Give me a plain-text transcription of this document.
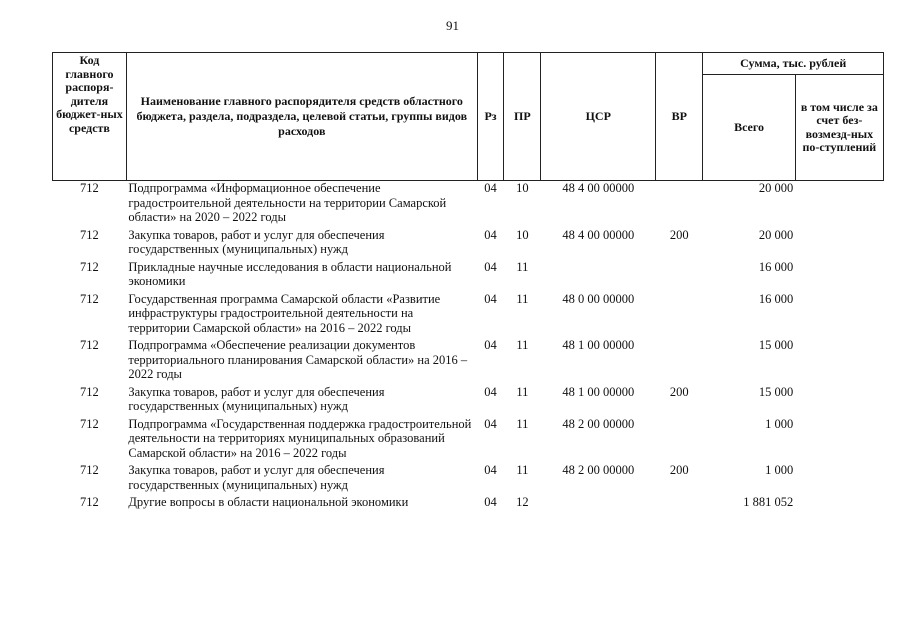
91
Код главного распоря-дителя бюджет-ных средств	Наименование главного распорядителя средств областного бюджета, раздела, подраздела, целевой статьи, группы видов расходов	Рз	ПР	ЦСР	ВР	Сумма, тыс. рублей	
						Всего	в том числе за счет без-возмезд-ных по-ступлений
712	Подпрограмма «Информационное обеспечение градостроительной деятельности на территории Самарской области» на 2020 – 2022 годы	04	10	48 4 00 00000		20 000	
712	Закупка товаров, работ и услуг для обеспечения государственных (муниципальных) нужд	04	10	48 4 00 00000	200	20 000	
712	Прикладные научные исследования в области национальной экономики	04	11			16 000	
712	Государственная программа Самарской области «Развитие инфраструктуры градостроительной деятельности на территории Самарской области» на 2016 – 2022 годы	04	11	48 0 00 00000		16 000	
712	Подпрограмма «Обеспечение реализации документов территориального планирования Самарской области» на 2016 – 2022 годы	04	11	48 1 00 00000		15 000	
712	Закупка товаров, работ и услуг для обеспечения государственных (муниципальных) нужд	04	11	48 1 00 00000	200	15 000	
712	Подпрограмма «Государственная поддержка градостроительной деятельности на территориях муниципальных образований Самарской области» на 2016 – 2022 годы	04	11	48 2 00 00000		1 000	
712	Закупка товаров, работ и услуг для обеспечения государственных (муниципальных) нужд	04	11	48 2 00 00000	200	1 000	
712	Другие вопросы в области национальной экономики	04	12			1 881 052	
